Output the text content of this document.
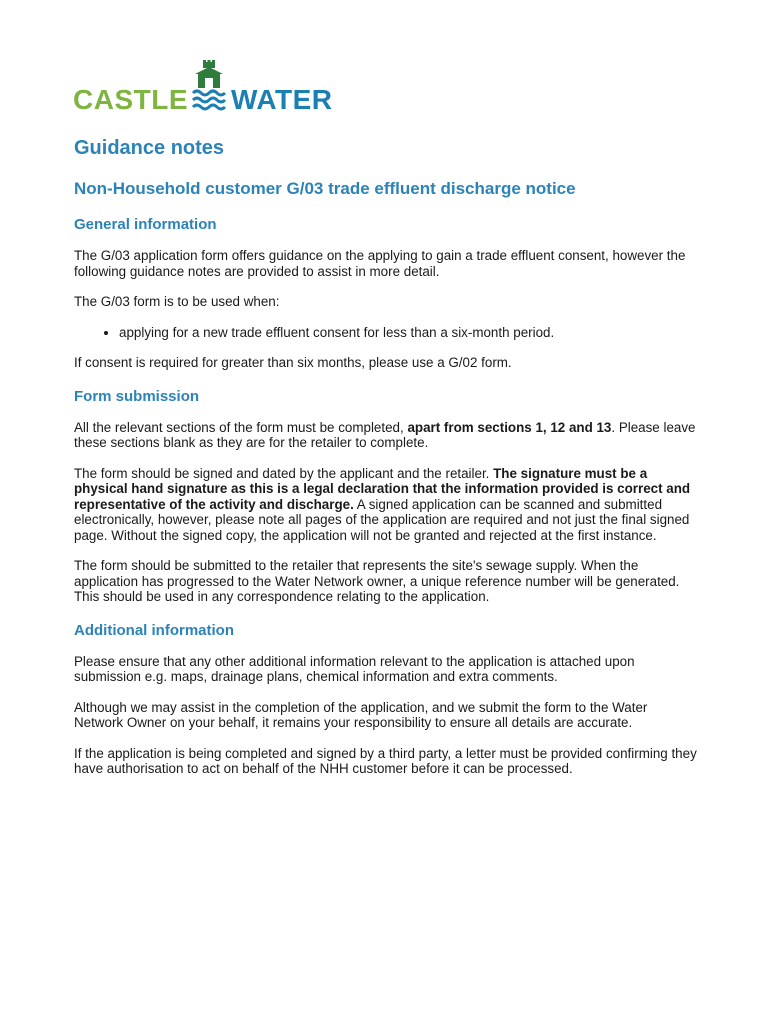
CASTLE WATER
Guidance notes
Non-Household customer G/03 trade effluent discharge notice
General information

The G/03 application form offers guidance on the applying to gain a trade effluent consent, however the following guidance notes are provided to assist in more detail.

The G/03 form is to be used when:

• applying for a new trade effluent consent for less than a six-month period.

If consent is required for greater than six months, please use a G/02 form.

Form submission

All the relevant sections of the form must be completed, apart from sections 1, 12 and 13. Please leave these sections blank as they are for the retailer to complete.

The form should be signed and dated by the applicant and the retailer. The signature must be a physical hand signature as this is a legal declaration that the information provided is correct and representative of the activity and discharge. A signed application can be scanned and submitted electronically, however, please note all pages of the application are required and not just the final signed page. Without the signed copy, the application will not be granted and rejected at the first instance.

The form should be submitted to the retailer that represents the site's sewage supply. When the application has progressed to the Water Network owner, a unique reference number will be generated. This should be used in any correspondence relating to the application.

Additional information

Please ensure that any other additional information relevant to the application is attached upon submission e.g. maps, drainage plans, chemical information and extra comments.

Although we may assist in the completion of the application, and we submit the form to the Water Network Owner on your behalf, it remains your responsibility to ensure all details are accurate.

If the application is being completed and signed by a third party, a letter must be provided confirming they have authorisation to act on behalf of the NHH customer before it can be processed.
